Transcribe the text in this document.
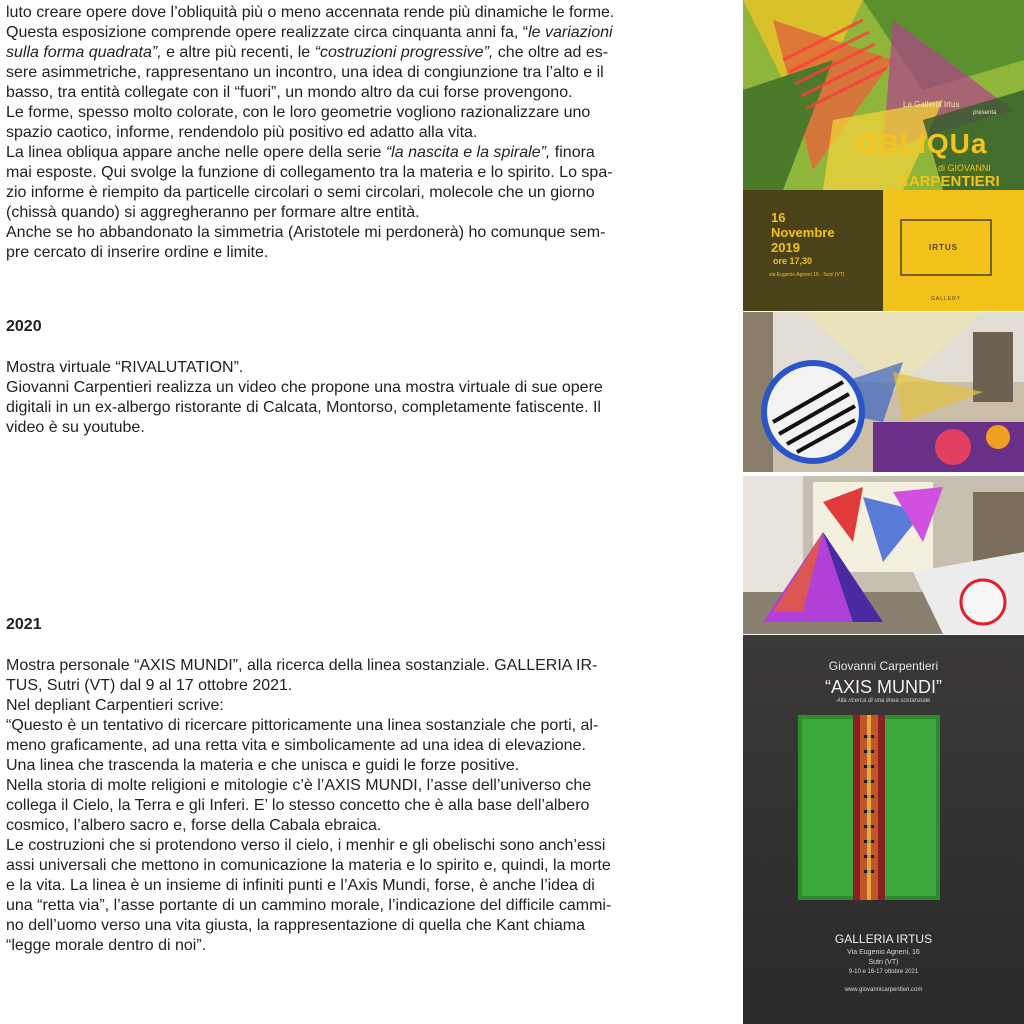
luto creare opere dove l’obliquità più o meno accennata rende più dinamiche le forme.

Questa esposizione comprende opere realizzate circa cinquanta anni fa, “le variazioni

sulla forma quadrata”, e altre più recenti, le “costruzioni progressive”, che oltre ad es-

sere asimmetriche, rappresentano un incontro, una idea di congiunzione tra l’alto e il

basso, tra entità collegate con il “fuori”, un mondo altro da cui forse provengono.

Le forme, spesso molto colorate, con le loro geometrie vogliono razionalizzare uno

spazio caotico, informe, rendendolo più positivo ed adatto alla vita.

La linea obliqua appare anche nelle opere della serie “la nascita e la spirale”, finora

mai esposte. Qui svolge la funzione di collegamento tra la materia e lo spirito. Lo spa-

zio informe è riempito da particelle circolari o semi circolari, molecole che un giorno

(chissà quando) si aggregheranno per formare altre entità.

Anche se ho abbandonato la simmetria (Aristotele mi perdonerà) ho comunque sem-

pre cercato di inserire ordine e limite.

2020

Mostra virtuale “RIVALUTATION”.

Giovanni Carpentieri realizza un video che propone una mostra virtuale di sue opere

digitali in un ex-albergo ristorante di Calcata, Montorso, completamente fatiscente. Il

video è su youtube.

2021

Mostra personale “AXIS MUNDI”, alla ricerca della linea sostanziale. GALLERIA IR-

TUS, Sutri (VT) dal 9 al 17 ottobre 2021.

Nel depliant Carpentieri scrive:

“Questo è un tentativo di ricercare pittoricamente una linea sostanziale che porti, al-

meno graficamente, ad una retta vita e simbolicamente ad una idea di elevazione.

Una linea che trascenda la materia e che unisca e guidi le forze positive.

Nella storia di molte religioni e mitologie c’è l’AXIS MUNDI, l’asse dell’universo che

collega il Cielo, la Terra e gli Inferi. E’ lo stesso concetto che è alla base dell’albero

cosmico, l’albero sacro e, forse della Cabala ebraica.

Le costruzioni che si protendono verso il cielo, i menhir e gli obelischi sono anch’essi

assi universali che mettono in comunicazione la materia e lo spirito e, quindi, la morte

e la vita. La linea è un insieme di infiniti punti e l’Axis Mundi, forse, è anche l’idea di

una “retta via”, l’asse portante di un cammino morale, l’indicazione del difficile cammi-

no dell’uomo verso una vita giusta, la rappresentazione di quella che Kant chiama

“legge morale dentro di noi”.

La Galleria Irtus
presenta
OBLIQUa
di GIOVANNI
CARPENTIERI
16
Novembre
2019
ore 17,30
via Eugenio Agneni 16 - Sutri (VT)
IRTUS
GALLERY
Giovanni Carpentieri
“AXIS MUNDI”
Alla ricerca di una linea sostanziale
GALLERIA IRTUS
Via Eugenio Agneni, 16
Sutri (VT)
9-10 e 16-17 ottobre 2021
www.giovannicarpentieri.com
